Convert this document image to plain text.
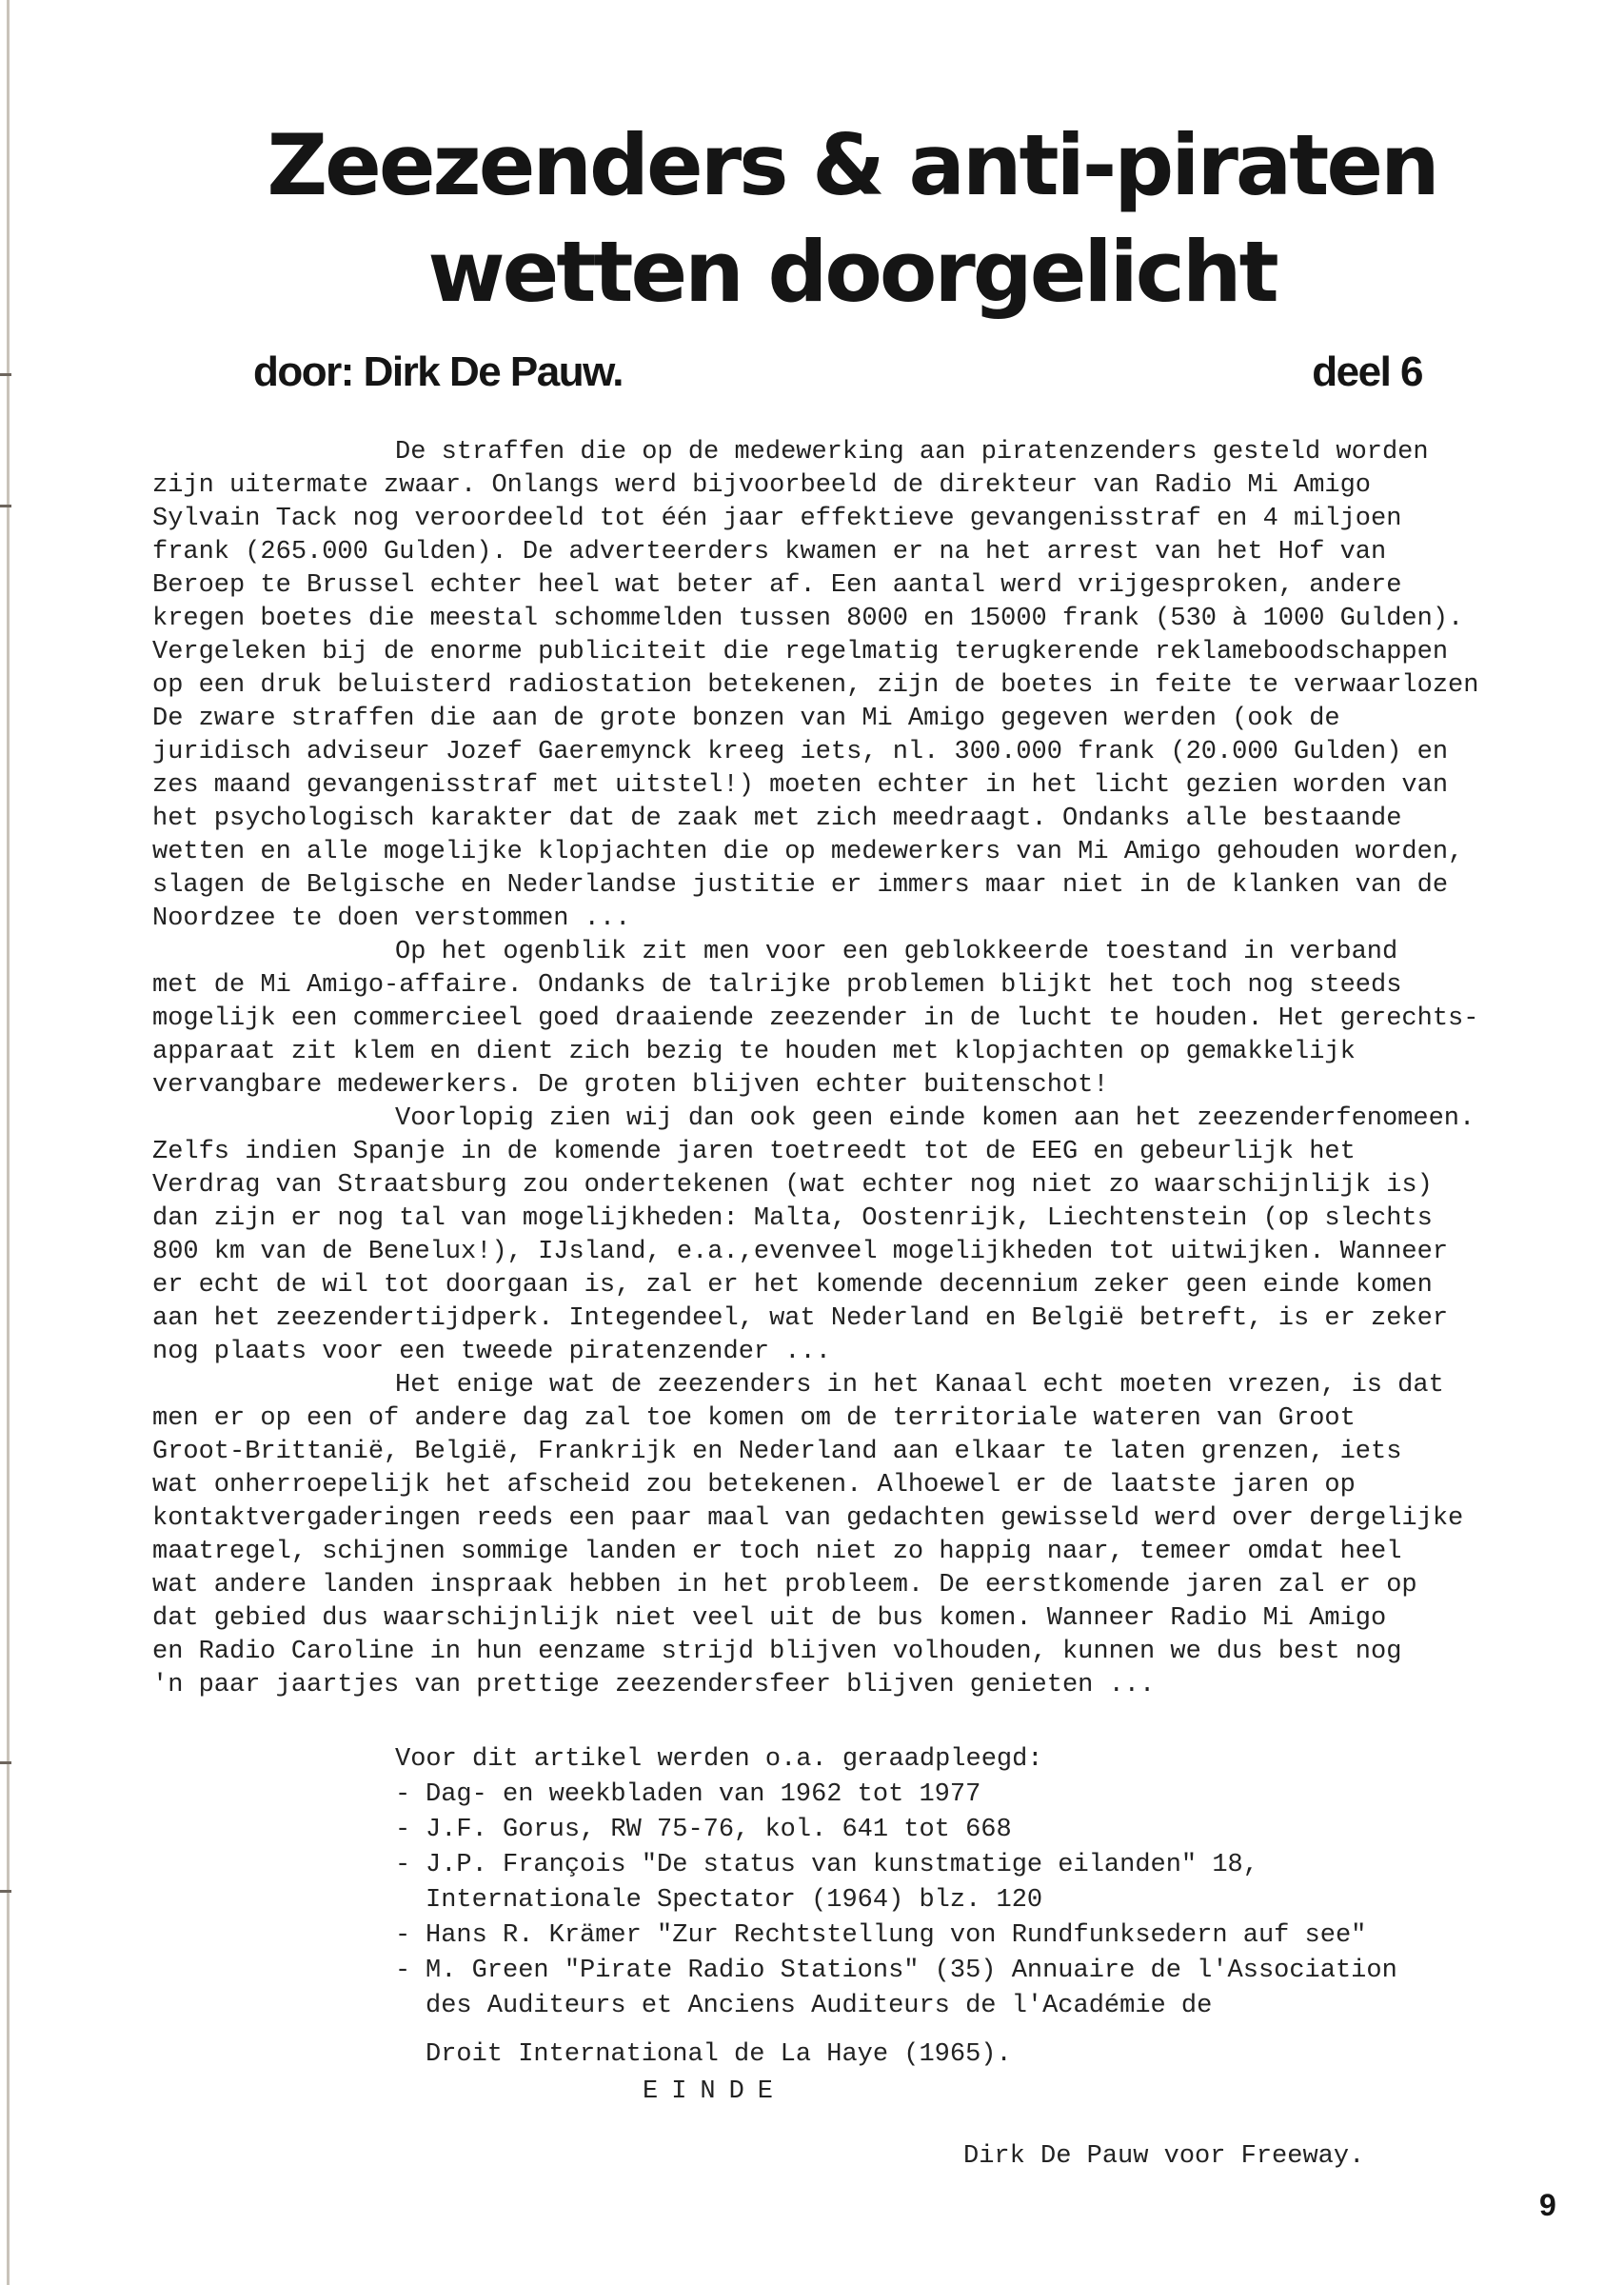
Zeezenders & anti-piraten
wetten doorgelicht
door: Dirk De Pauw.	deel 6

De straffen die op de medewerking aan piratenzenders gesteld worden

zijn uitermate zwaar. Onlangs werd bijvoorbeeld de direkteur van Radio Mi Amigo

Sylvain Tack nog veroordeeld tot één jaar effektieve gevangenisstraf en 4 miljoen

frank (265.000 Gulden). De adverteerders kwamen er na het arrest van het Hof van

Beroep te Brussel echter heel wat beter af. Een aantal werd vrijgesproken, andere

kregen boetes die meestal schommelden tussen 8000 en 15000 frank (530 à 1000 Gulden).

Vergeleken bij de enorme publiciteit die regelmatig terugkerende reklameboodschappen

op een druk beluisterd radiostation betekenen, zijn de boetes in feite te verwaarlozen

De zware straffen die aan de grote bonzen van Mi Amigo gegeven werden (ook de

juridisch adviseur Jozef Gaeremynck kreeg iets, nl. 300.000 frank (20.000 Gulden) en

zes maand gevangenisstraf met uitstel!) moeten echter in het licht gezien worden van

het psychologisch karakter dat de zaak met zich meedraagt. Ondanks alle bestaande

wetten en alle mogelijke klopjachten die op medewerkers van Mi Amigo gehouden worden,

slagen de Belgische en Nederlandse justitie er immers maar niet in de klanken van de

Noordzee te doen verstommen ...

Op het ogenblik zit men voor een geblokkeerde toestand in verband

met de Mi Amigo-affaire. Ondanks de talrijke problemen blijkt het toch nog steeds

mogelijk een commercieel goed draaiende zeezender in de lucht te houden. Het gerechts-

apparaat zit klem en dient zich bezig te houden met klopjachten op gemakkelijk

vervangbare medewerkers. De groten blijven echter buitenschot!

Voorlopig zien wij dan ook geen einde komen aan het zeezenderfenomeen.

Zelfs indien Spanje in de komende jaren toetreedt tot de EEG en gebeurlijk het

Verdrag van Straatsburg zou ondertekenen (wat echter nog niet zo waarschijnlijk is)

dan zijn er nog tal van mogelijkheden: Malta, Oostenrijk, Liechtenstein (op slechts

800 km van de Benelux!), IJsland, e.a.,evenveel mogelijkheden tot uitwijken. Wanneer

er echt de wil tot doorgaan is, zal er het komende decennium zeker geen einde komen

aan het zeezendertijdperk. Integendeel, wat Nederland en België betreft, is er zeker

nog plaats voor een tweede piratenzender ...

Het enige wat de zeezenders in het Kanaal echt moeten vrezen, is dat

men er op een of andere dag zal toe komen om de territoriale wateren van Groot

Groot-Brittanië, België, Frankrijk en Nederland aan elkaar te laten grenzen, iets

wat onherroepelijk het afscheid zou betekenen. Alhoewel er de laatste jaren op

kontaktvergaderingen reeds een paar maal van gedachten gewisseld werd over dergelijke

maatregel, schijnen sommige landen er toch niet zo happig naar, temeer omdat heel

wat andere landen inspraak hebben in het probleem. De eerstkomende jaren zal er op

dat gebied dus waarschijnlijk niet veel uit de bus komen. Wanneer Radio Mi Amigo

en Radio Caroline in hun eenzame strijd blijven volhouden, kunnen we dus best nog

'n paar jaartjes van prettige zeezendersfeer blijven genieten ...

Voor dit artikel werden o.a. geraadpleegd:

- Dag- en weekbladen van 1962 tot 1977
- J.F. Gorus, RW 75-76, kol. 641 tot 668
- J.P. François "De status van kunstmatige eilanden" 18,
Internationale Spectator (1964) blz. 120
- Hans R. Krämer "Zur Rechtstellung von Rundfunksedern auf see"
- M. Green "Pirate Radio Stations" (35) Annuaire de l'Association
des Auditeurs et Anciens Auditeurs de l'Académie de

Droit International de La Haye (1965).

EINDE
Dirk De Pauw voor Freeway.
9
